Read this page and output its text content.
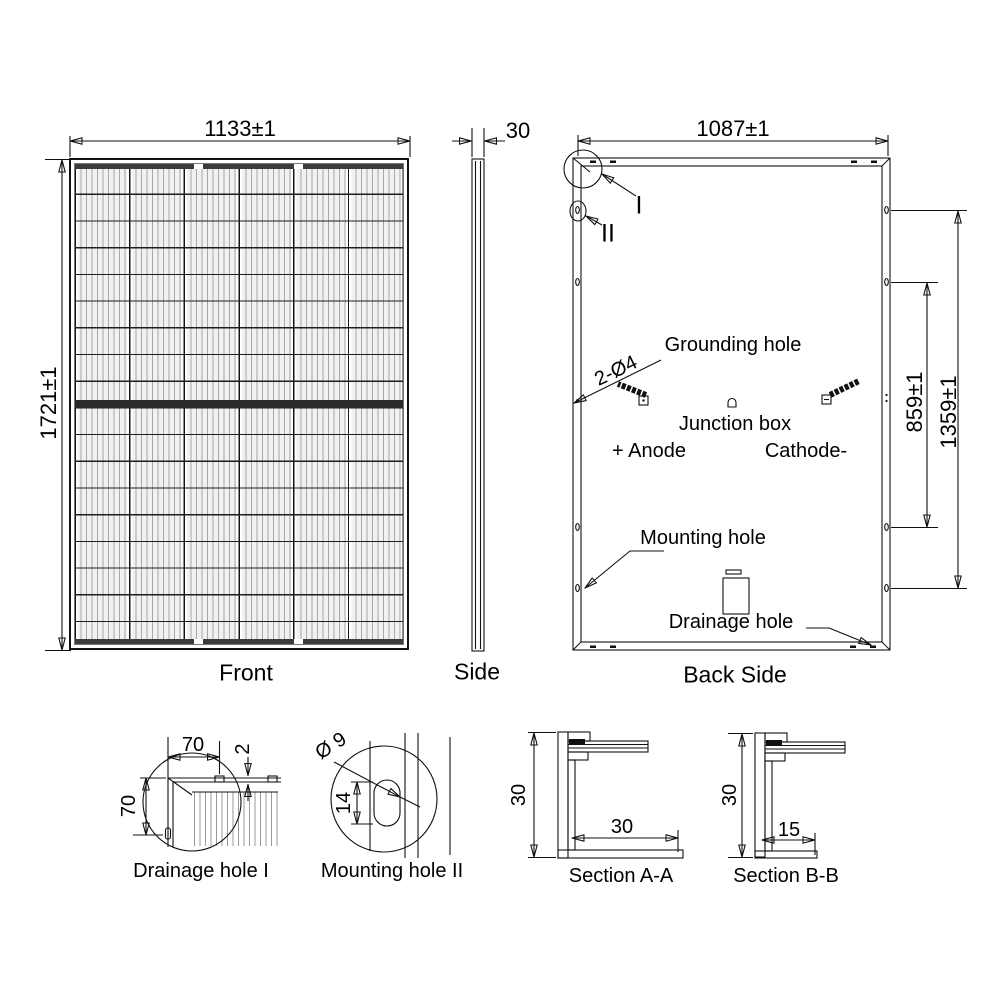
1133±1
1721±1
Front
30
Side
1087±1
859±1 1359±1
Back Side
I
II
2-Ø4
Grounding hole
Junction box
+ Anode	Cathode-
Mounting hole
Drainage hole
70 2
70
Drainage hole I
Ø 9
14
Mounting hole II
30
30
Section A-A
30
15
Section B-B
